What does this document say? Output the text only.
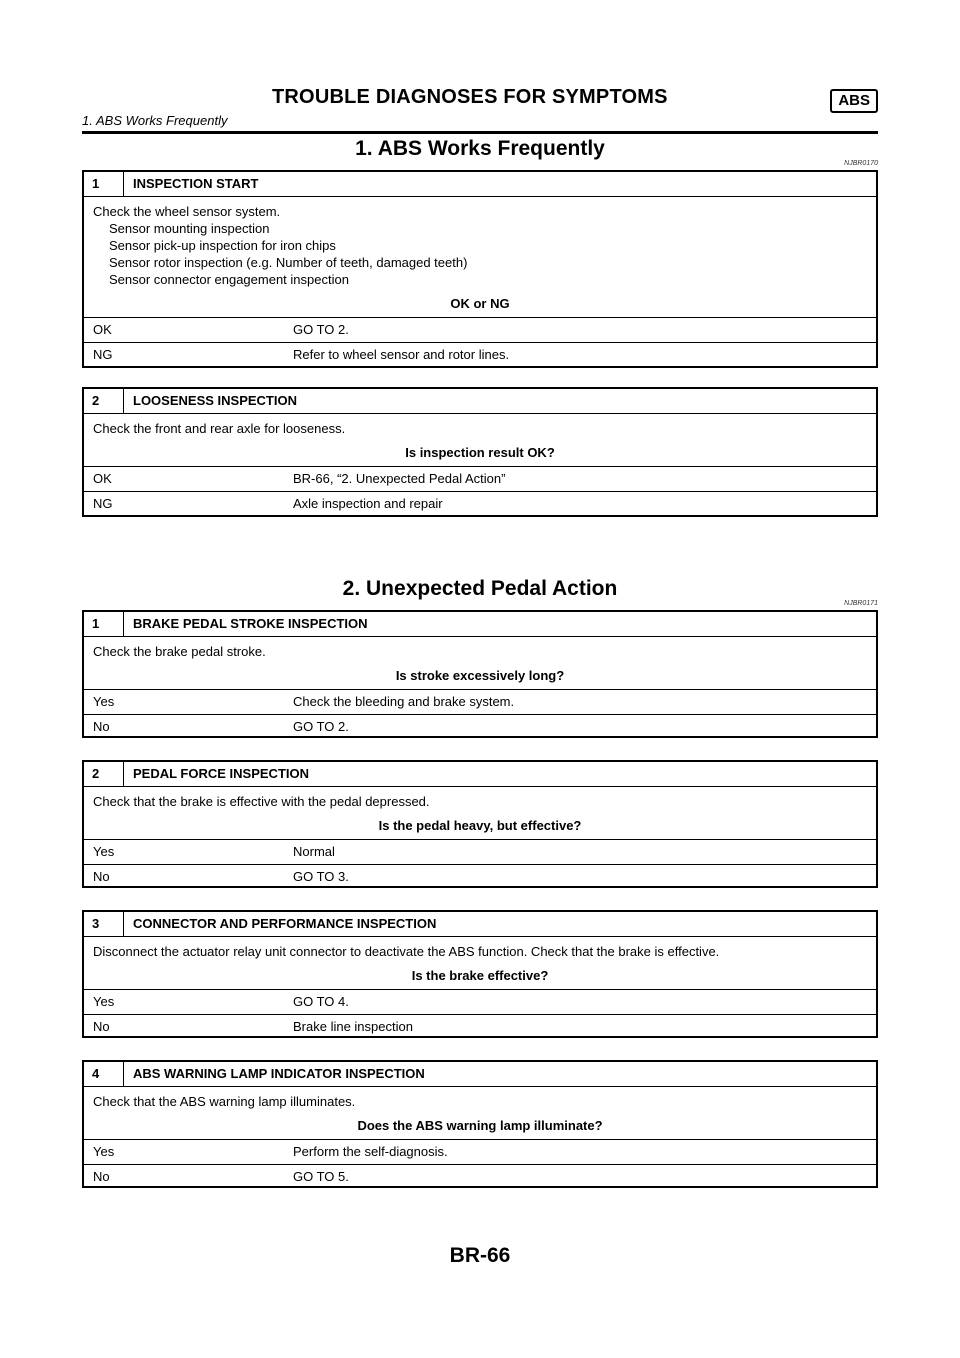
TROUBLE DIAGNOSES FOR SYMPTOMS	ABS
1. ABS Works Frequently
1. ABS Works Frequently
NJBR0170
1	INSPECTION START
Check the wheel sensor system.
Sensor mounting inspection
Sensor pick-up inspection for iron chips
Sensor rotor inspection (e.g. Number of teeth, damaged teeth)
Sensor connector engagement inspection
OK or NG
OK	GO TO 2.
NG	Refer to wheel sensor and rotor lines.
2	LOOSENESS INSPECTION
Check the front and rear axle for looseness.
Is inspection result OK?
OK	BR-66, “2. Unexpected Pedal Action”
NG	Axle inspection and repair
2. Unexpected Pedal Action
NJBR0171
1	BRAKE PEDAL STROKE INSPECTION
Check the brake pedal stroke.
Is stroke excessively long?
Yes	Check the bleeding and brake system.
No	GO TO 2.
2	PEDAL FORCE INSPECTION
Check that the brake is effective with the pedal depressed.
Is the pedal heavy, but effective?
Yes	Normal
No	GO TO 3.
3	CONNECTOR AND PERFORMANCE INSPECTION
Disconnect the actuator relay unit connector to deactivate the ABS function. Check that the brake is effective.
Is the brake effective?
Yes	GO TO 4.
No	Brake line inspection
4	ABS WARNING LAMP INDICATOR INSPECTION
Check that the ABS warning lamp illuminates.
Does the ABS warning lamp illuminate?
Yes	Perform the self-diagnosis.
No	GO TO 5.
BR-66
